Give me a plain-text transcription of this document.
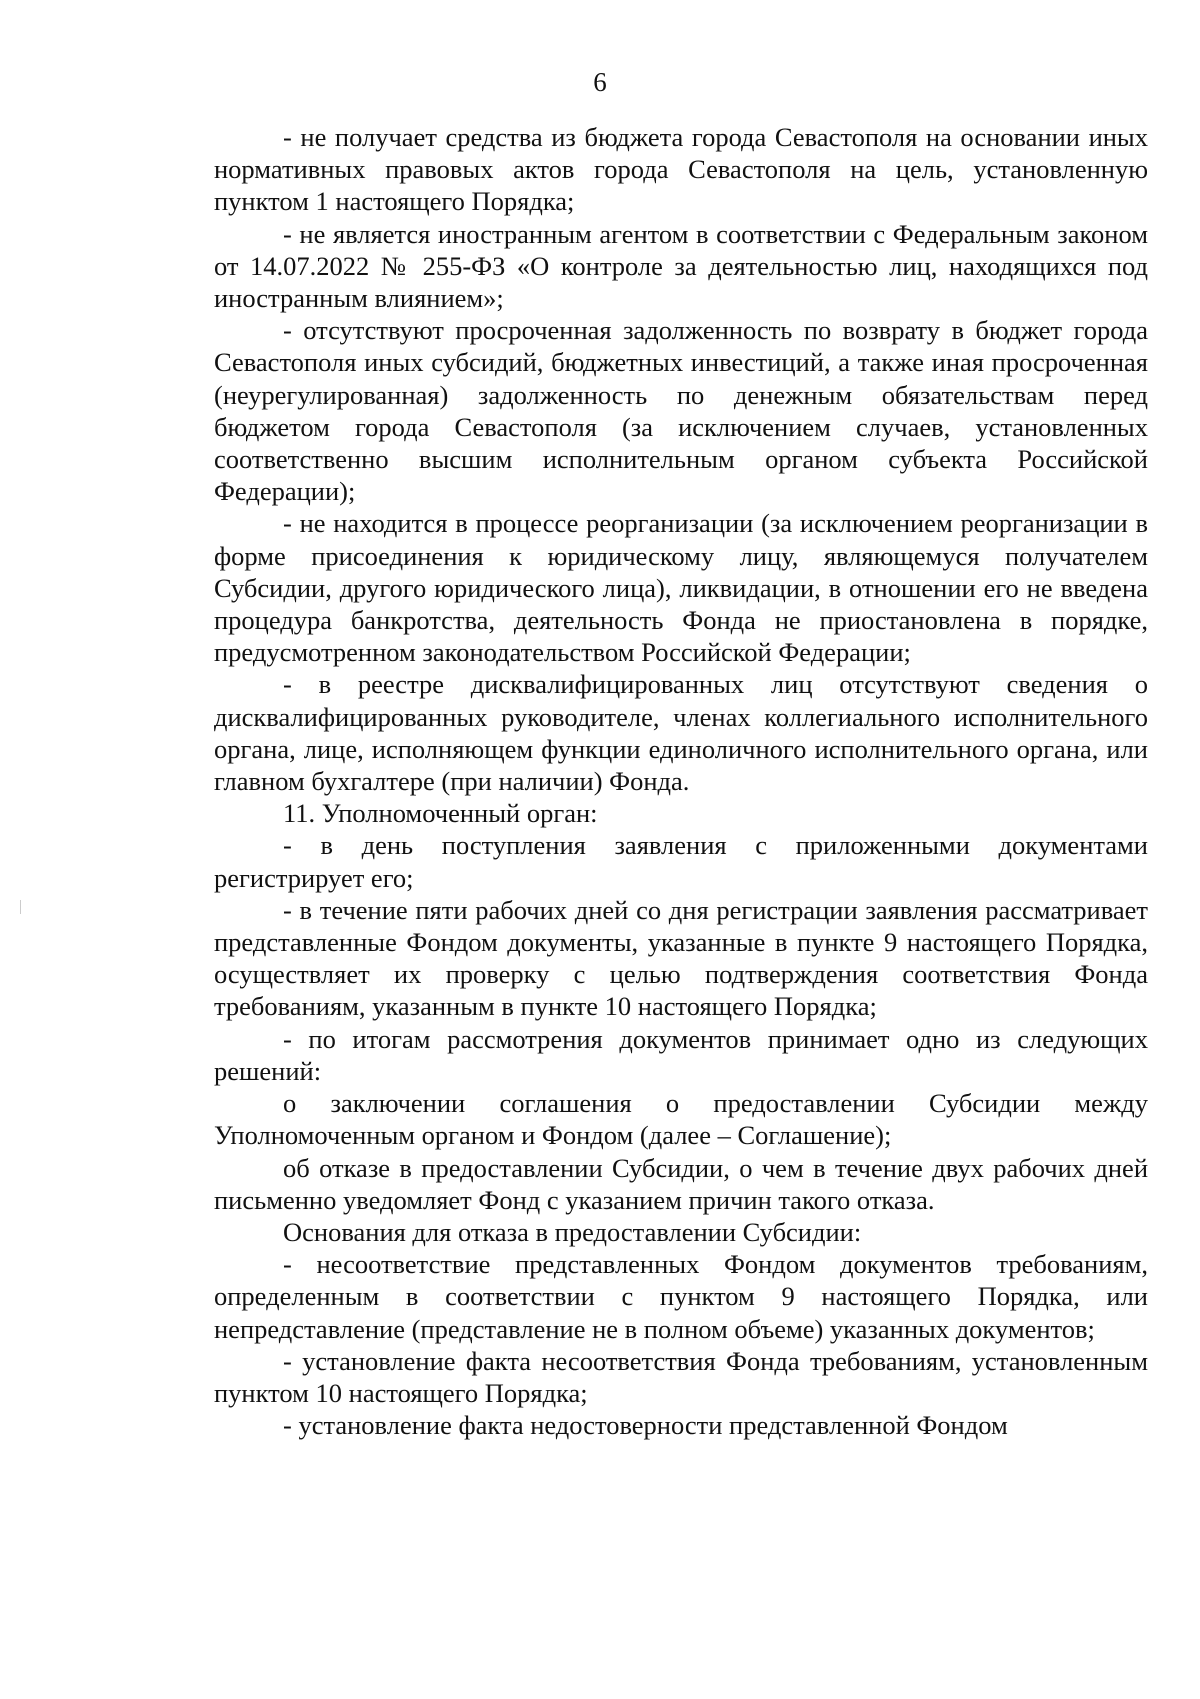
6

- не получает средства из бюджета города Севастополя на основании иных нормативных правовых актов города Севастополя на цель, установленную пунктом 1 настоящего Порядка;

- не является иностранным агентом в соответствии с Федеральным законом от 14.07.2022 № 255-ФЗ «О контроле за деятельностью лиц, находящихся под иностранным влиянием»;

- отсутствуют просроченная задолженность по возврату в бюджет города Севастополя иных субсидий, бюджетных инвестиций, а также иная просроченная (неурегулированная) задолженность по денежным обязательствам перед бюджетом города Севастополя (за исключением случаев, установленных соответственно высшим исполнительным органом субъекта Российской Федерации);

- не находится в процессе реорганизации (за исключением реорганизации в форме присоединения к юридическому лицу, являющемуся получателем Субсидии, другого юридического лица), ликвидации, в отношении его не введена процедура банкротства, деятельность Фонда не приостановлена в порядке, предусмотренном законодательством Российской Федерации;

- в реестре дисквалифицированных лиц отсутствуют сведения о дисквалифицированных руководителе, членах коллегиального исполнительного органа, лице, исполняющем функции единоличного исполнительного органа, или главном бухгалтере (при наличии) Фонда.

11. Уполномоченный орган:

- в день поступления заявления с приложенными документами регистрирует его;

- в течение пяти рабочих дней со дня регистрации заявления рассматривает представленные Фондом документы, указанные в пункте 9 настоящего Порядка, осуществляет их проверку с целью подтверждения соответствия Фонда требованиям, указанным в пункте 10 настоящего Порядка;

- по итогам рассмотрения документов принимает одно из следующих решений:

о заключении соглашения о предоставлении Субсидии между Уполномоченным органом и Фондом (далее – Соглашение);

об отказе в предоставлении Субсидии, о чем в течение двух рабочих дней письменно уведомляет Фонд с указанием причин такого отказа.

Основания для отказа в предоставлении Субсидии:

- несоответствие представленных Фондом документов требованиям, определенным в соответствии с пунктом 9 настоящего Порядка, или непредставление (представление не в полном объеме) указанных документов;

- установление факта несоответствия Фонда требованиям, установленным пунктом 10 настоящего Порядка;

- установление факта недостоверности представленной Фондом
